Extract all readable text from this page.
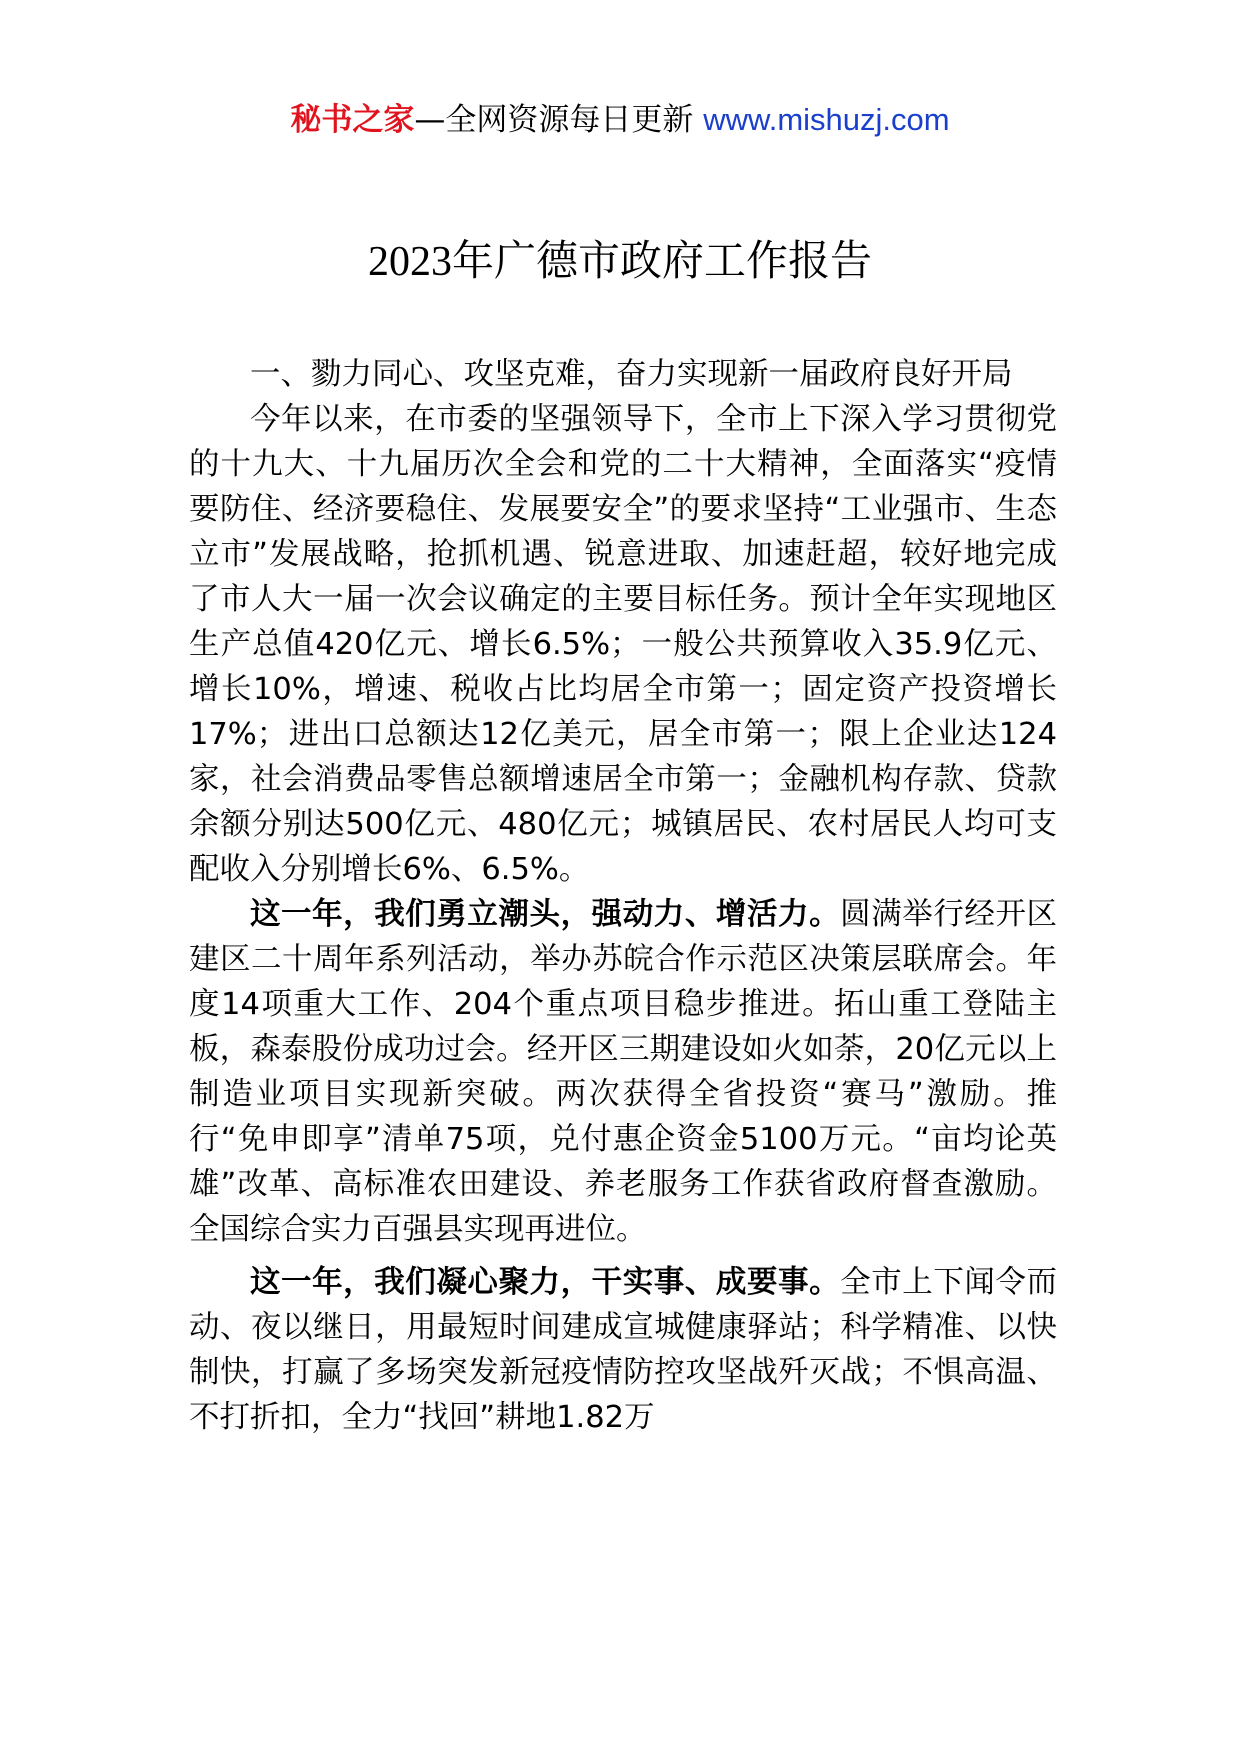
秘书之家—全网资源每日更新 www.mishuzj.com
2023年广德市政府工作报告

一、勠力同心、攻坚克难，奋力实现新一届政府良好开局

今年以来，在市委的坚强领导下，全市上下深入学习贯彻党的十九大、十九届历次全会和党的二十大精神，全面落实“疫情要防住、经济要稳住、发展要安全”的要求坚持“工业强市、生态立市”发展战略，抢抓机遇、锐意进取、加速赶超，较好地完成了市人大一届一次会议确定的主要目标任务。预计全年实现地区生产总值420亿元、增长6.5%；一般公共预算收入35.9亿元、增长10%，增速、税收占比均居全市第一；固定资产投资增长17%；进出口总额达12亿美元，居全市第一；限上企业达124家，社会消费品零售总额增速居全市第一；金融机构存款、贷款余额分别达500亿元、480亿元；城镇居民、农村居民人均可支配收入分别增长6%、6.5%。

这一年，我们勇立潮头，强动力、增活力。圆满举行经开区建区二十周年系列活动，举办苏皖合作示范区决策层联席会。年度14项重大工作、204个重点项目稳步推进。拓山重工登陆主板，森泰股份成功过会。经开区三期建设如火如荼，20亿元以上制造业项目实现新突破。两次获得全省投资“赛马”激励。推行“免申即享”清单75项，兑付惠企资金5100万元。“亩均论英雄”改革、高标准农田建设、养老服务工作获省政府督查激励。全国综合实力百强县实现再进位。

这一年，我们凝心聚力，干实事、成要事。全市上下闻令而动、夜以继日，用最短时间建成宣城健康驿站；科学精准、以快制快，打赢了多场突发新冠疫情防控攻坚战歼灭战；不惧高温、不打折扣，全力“找回”耕地1.82万
